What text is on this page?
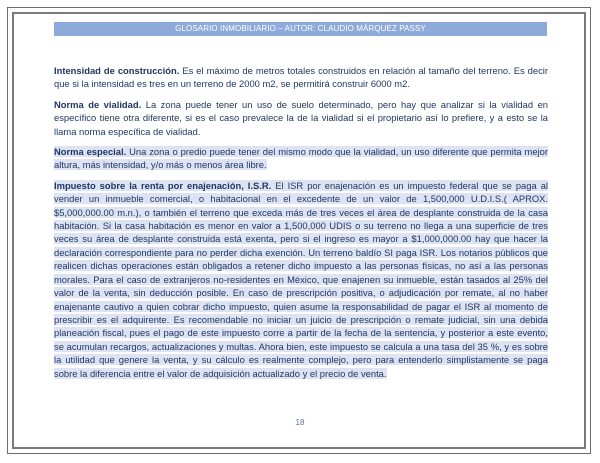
GLOSARIO INMOBILIARIO – AUTOR: CLAUDIO MÁRQUEZ PASSY

Intensidad de construcción. Es el máximo de metros totales construidos en relación al tamaño del terreno. Es decir que si la intensidad es tres en un terreno de 2000 m2, se permitirá construir 6000 m2.

Norma de vialidad. La zona puede tener un uso de suelo determinado, pero hay que analizar si la vialidad en específico tiene otra diferente, si es el caso prevalece la de la vialidad si el propietario así lo prefiere, y a esto se la llama norma específica de vialidad.

Norma especial. Una zona o predio puede tener del mismo modo que la vialidad, un uso diferente que permita mejor altura, más intensidad, y/o más o menos área libre.

Impuesto sobre la renta por enajenación, I.S.R. El ISR por enajenación es un impuesto federal que se paga al vender un inmueble comercial, o habitacional en el excedente de un valor de 1,500,000 U.D.I.S.( APROX. $5,000,000.00 m.n.), o también el terreno que exceda más de tres veces el área de desplante construida de la casa habitación. Si la casa habitación es menor en valor a 1,500,000 UDIS o su terreno no llega a una superficie de tres veces su área de desplante construida está exenta, pero si el ingreso es mayor a $1,000,000.00 hay que hacer la declaración correspondiente para no perder dicha exención. Un terreno baldío SI paga ISR. Los notarios públicos que realicen dichas operaciones están obligados a retener dicho impuesto a las personas físicas, no así a las personas morales. Para el caso de extranjeros no-residentes en México, que enajenen su inmueble, están tasados al 25% del valor de la venta, sin deducción posible. En caso de prescripción positiva, o adjudicación por remate, al no haber enajenante cautivo a quien cobrar dicho impuesto, quien asume la responsabilidad de pagar el ISR al momento de prescribir es el adquirente. Es recomendable no iniciar un juicio de prescripción o remate judicial, sin una debida planeación fiscal, pues el pago de este impuesto corre a partir de la fecha de la sentencia, y posterior a este evento, se acumulan recargos, actualizaciones y multas. Ahora bien, este impuesto se calcula a una tasa del 35 %, y es sobre la utilidad que genere la venta, y su cálculo es realmente complejo, pero para entenderlo simplistamente se paga sobre la diferencia entre el valor de adquisición actualizado y el precio de venta.

18
